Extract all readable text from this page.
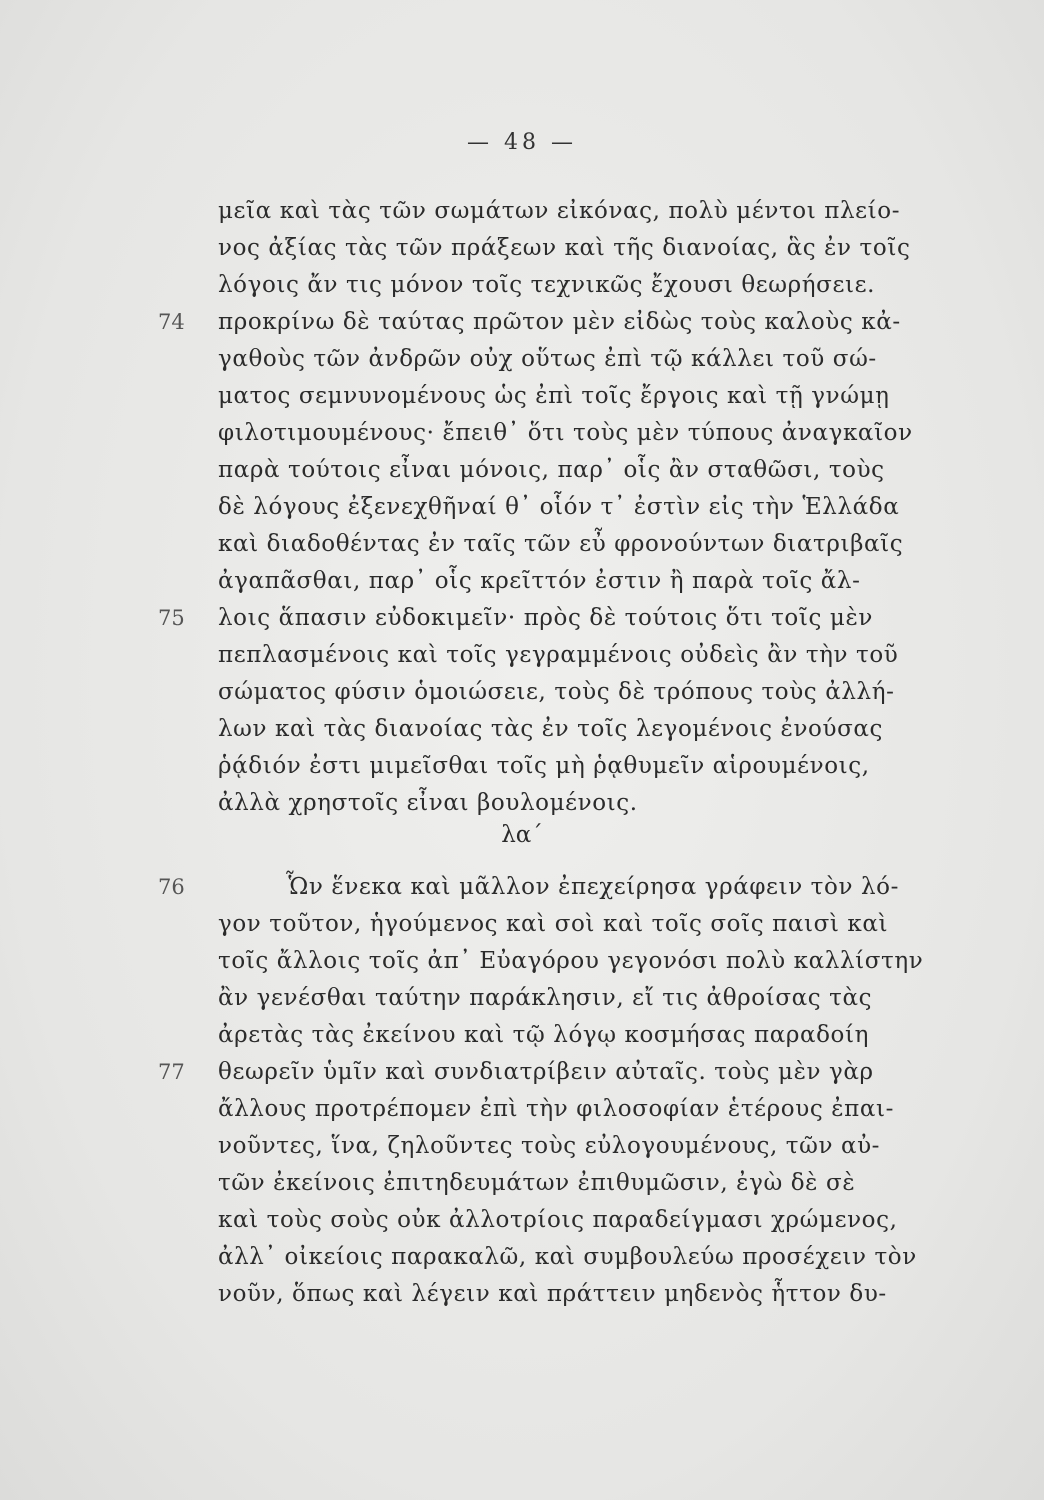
— 48 —
μεῖα καὶ τὰς τῶν σωμάτων εἰκόνας, πολὺ μέντοι πλείο-
νος ἀξίας τὰς τῶν πράξεων καὶ τῆς διανοίας, ἃς ἐν τοῖς
λόγοις ἄν τις μόνον τοῖς τεχνικῶς ἔχουσι θεωρήσειε.
74 προκρίνω δὲ ταύτας πρῶτον μὲν εἰδὼς τοὺς καλοὺς κἀ-
γαθοὺς τῶν ἀνδρῶν οὐχ οὕτως ἐπὶ τῷ κάλλει τοῦ σώ-
ματος σεμνυνομένους ὡς ἐπὶ τοῖς ἔργοις καὶ τῇ γνώμῃ
φιλοτιμουμένους· ἔπειθ᾽ ὅτι τοὺς μὲν τύπους ἀναγκαῖον
παρὰ τούτοις εἶναι μόνοις, παρ᾽ οἷς ἂν σταθῶσι, τοὺς
δὲ λόγους ἐξενεχθῆναί θ᾽ οἷόν τ᾽ ἐστὶν εἰς τὴν Ἑλλάδα
καὶ διαδοθέντας ἐν ταῖς τῶν εὖ φρονούντων διατριβαῖς
ἀγαπᾶσθαι, παρ᾽ οἷς κρεῖττόν ἐστιν ἢ παρὰ τοῖς ἄλ-
75 λοις ἅπασιν εὐδοκιμεῖν· πρὸς δὲ τούτοις ὅτι τοῖς μὲν
πεπλασμένοις καὶ τοῖς γεγραμμένοις οὐδεὶς ἂν τὴν τοῦ
σώματος φύσιν ὁμοιώσειε, τοὺς δὲ τρόπους τοὺς ἀλλή-
λων καὶ τὰς διανοίας τὰς ἐν τοῖς λεγομένοις ἐνούσας
ῥᾴδιόν ἐστι μιμεῖσθαι τοῖς μὴ ῥᾳθυμεῖν αἱρουμένοις,
ἀλλὰ χρηστοῖς εἶναι βουλομένοις.
λα´
76	Ὧν ἕνεκα καὶ μᾶλλον ἐπεχείρησα γράφειν τὸν λό-
γον τοῦτον, ἡγούμενος καὶ σοὶ καὶ τοῖς σοῖς παισὶ καὶ
τοῖς ἄλλοις τοῖς ἀπ᾽ Εὐαγόρου γεγονόσι πολὺ καλλίστην
ἂν γενέσθαι ταύτην παράκλησιν, εἴ τις ἀθροίσας τὰς
ἀρετὰς τὰς ἐκείνου καὶ τῷ λόγῳ κοσμήσας παραδοίη
77 θεωρεῖν ὑμῖν καὶ συνδιατρίβειν αὐταῖς. τοὺς μὲν γὰρ
ἄλλους προτρέπομεν ἐπὶ τὴν φιλοσοφίαν ἑτέρους ἐπαι-
νοῦντες, ἵνα, ζηλοῦντες τοὺς εὐλογουμένους, τῶν αὐ-
τῶν ἐκείνοις ἐπιτηδευμάτων ἐπιθυμῶσιν, ἐγὼ δὲ σὲ
καὶ τοὺς σοὺς οὐκ ἀλλοτρίοις παραδείγμασι χρώμενος,
ἀλλ᾽ οἰκείοις παρακαλῶ, καὶ συμβουλεύω προσέχειν τὸν
νοῦν, ὅπως καὶ λέγειν καὶ πράττειν μηδενὸς ἧττον δυ-
